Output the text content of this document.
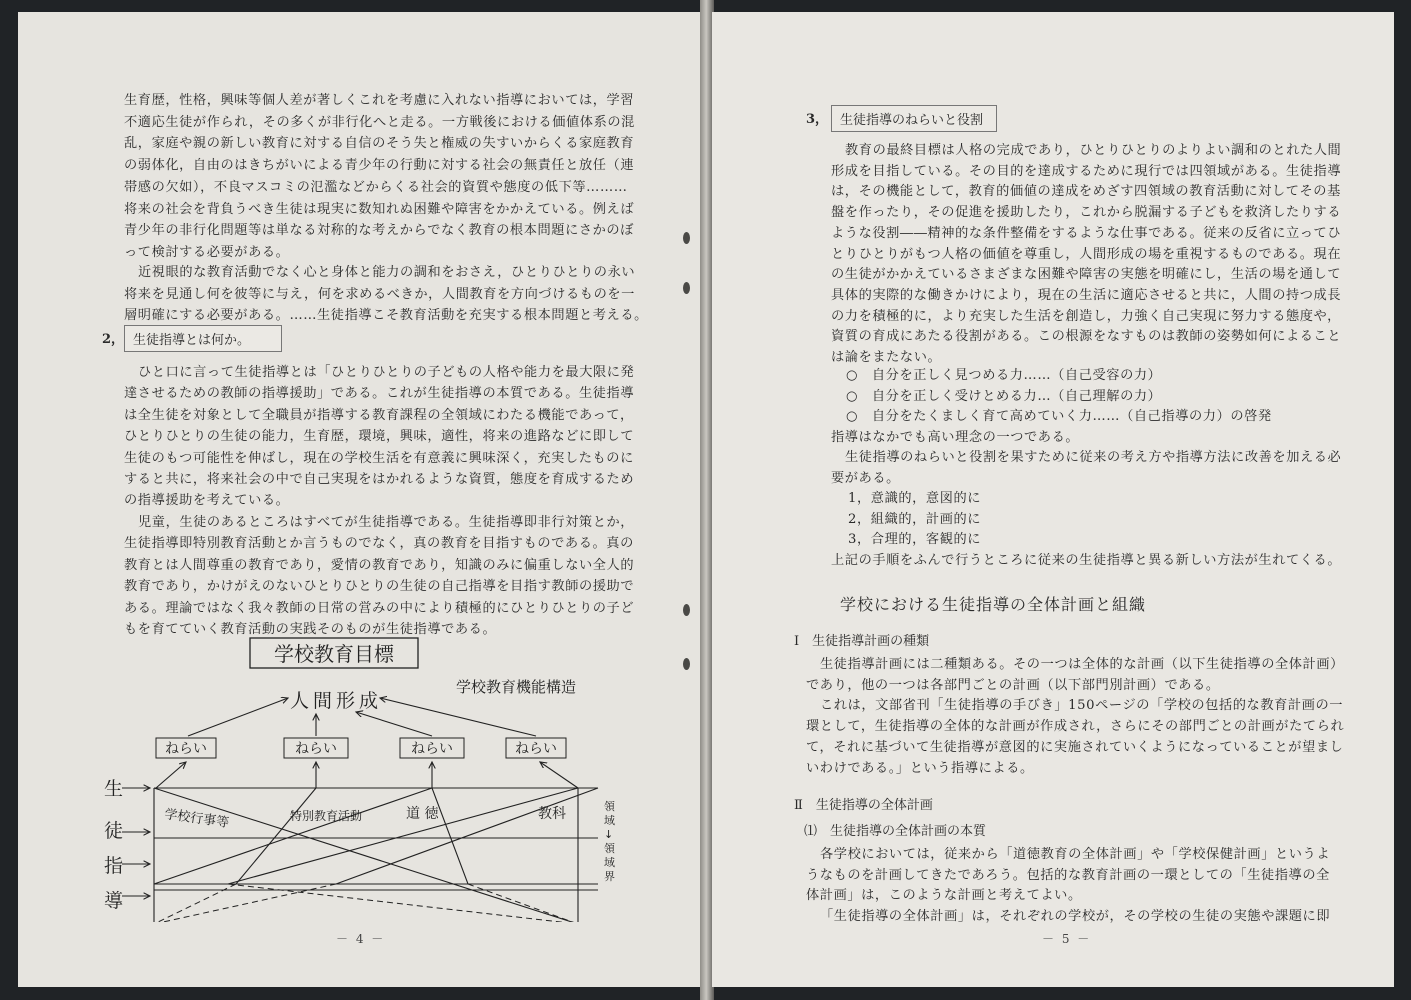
生育歴，性格，興味等個人差が著しくこれを考慮に入れない指導においては，学習

不適応生徒が作られ，その多くが非行化へと走る。一方戦後における価値体系の混

乱，家庭や親の新しい教育に対する自信のそう失と権威の失すいからくる家庭教育

の弱体化，自由のはきちがいによる青少年の行動に対する社会の無責任と放任（連

帯感の欠如），不良マスコミの氾濫などからくる社会的資質や態度の低下等………

将来の社会を背負うべき生徒は現実に数知れぬ困難や障害をかかえている。例えば

青少年の非行化問題等は単なる対称的な考えからでなく教育の根本問題にさかのぼ

って検討する必要がある。

近視眼的な教育活動でなく心と身体と能力の調和をおさえ，ひとりひとりの永い

将来を見通し何を彼等に与え，何を求めるべきか，人間教育を方向づけるものを一

層明確にする必要がある。……生徒指導こそ教育活動を充実する根本問題と考える。

2， 生徒指導とは何か。

ひと口に言って生徒指導とは「ひとりひとりの子どもの人格や能力を最大限に発

達させるための教師の指導援助」である。これが生徒指導の本質である。生徒指導

は全生徒を対象として全職員が指導する教育課程の全領域にわたる機能であって，

ひとりひとりの生徒の能力，生育歴，環境，興味，適性，将来の進路などに即して

生徒のもつ可能性を伸ばし，現在の学校生活を有意義に興味深く，充実したものに

すると共に，将来社会の中で自己実現をはかれるような資質，態度を育成するため

の指導援助を考えている。

児童，生徒のあるところはすべてが生徒指導である。生徒指導即非行対策とか，

生徒指導即特別教育活動とか言うものでなく，真の教育を目指すものである。真の

教育とは人間尊重の教育であり，愛情の教育であり，知識のみに偏重しない全人的

教育であり，かけがえのないひとりひとりの生徒の自己指導を目指す教師の援助で

ある。理論ではなく我々教師の日常の営みの中により積極的にひとりひとりの子ど

もを育てていく教育活動の実践そのものが生徒指導である。

学校教育目標
学校教育機能構造
人間形成
ねらい	ねらい	ねらい	ねらい
生
徒
指
導
学校行事等	特別教育活動	道 徳	教科	領
域
↓
領
域
界
－ 4 －
3， 生徒指導のねらいと役割

教育の最終目標は人格の完成であり，ひとりひとりのよりよい調和のとれた人間

形成を目指している。その目的を達成するために現行では四領域がある。生徒指導

は，その機能として，教育的価値の達成をめざす四領域の教育活動に対してその基

盤を作ったり，その促進を援助したり，これから脱漏する子どもを救済したりする

ような役割――精神的な条件整備をするような仕事である。従来の反省に立ってひ

とりひとりがもつ人格の価値を尊重し，人間形成の場を重視するものである。現在

の生徒がかかえているさまざまな困難や障害の実態を明確にし，生活の場を通して

具体的実際的な働きかけにより，現在の生活に適応させると共に，人間の持つ成長

の力を積極的に，より充実した生活を創造し，力強く自己実現に努力する態度や，

資質の育成にあたる役割がある。この根源をなすものは教師の姿勢如何によること

は論をまたない。

○　自分を正しく見つめる力……（自己受容の力）

○　自分を正しく受けとめる力…（自己理解の力）

○　自分をたくましく育て高めていく力……（自己指導の力）の啓発

指導はなかでも高い理念の一つである。

生徒指導のねらいと役割を果すために従来の考え方や指導方法に改善を加える必

要がある。

1，意識的，意図的に

2，組織的，計画的に

3，合理的，客観的に

上記の手順をふんで行うところに従来の生徒指導と異る新しい方法が生れてくる。

学校における生徒指導の全体計画と組織
Ⅰ　生徒指導計画の種類

生徒指導計画には二種類ある。その一つは全体的な計画（以下生徒指導の全体計画）

であり，他の一つは各部門ごとの計画（以下部門別計画）である。

これは，文部省刊「生徒指導の手びき」150ページの「学校の包括的な教育計画の一

環として，生徒指導の全体的な計画が作成され，さらにその部門ごとの計画がたてられ

て，それに基づいて生徒指導が意図的に実施されていくようになっていることが望まし

いわけである。」という指導による。

Ⅱ　生徒指導の全体計画
⑴　生徒指導の全体計画の本質

各学校においては，従来から「道徳教育の全体計画」や「学校保健計画」というよ

うなものを計画してきたであろう。包括的な教育計画の一環としての「生徒指導の全

体計画」は，このような計画と考えてよい。

「生徒指導の全体計画」は，それぞれの学校が，その学校の生徒の実態や課題に即

－ 5 －
